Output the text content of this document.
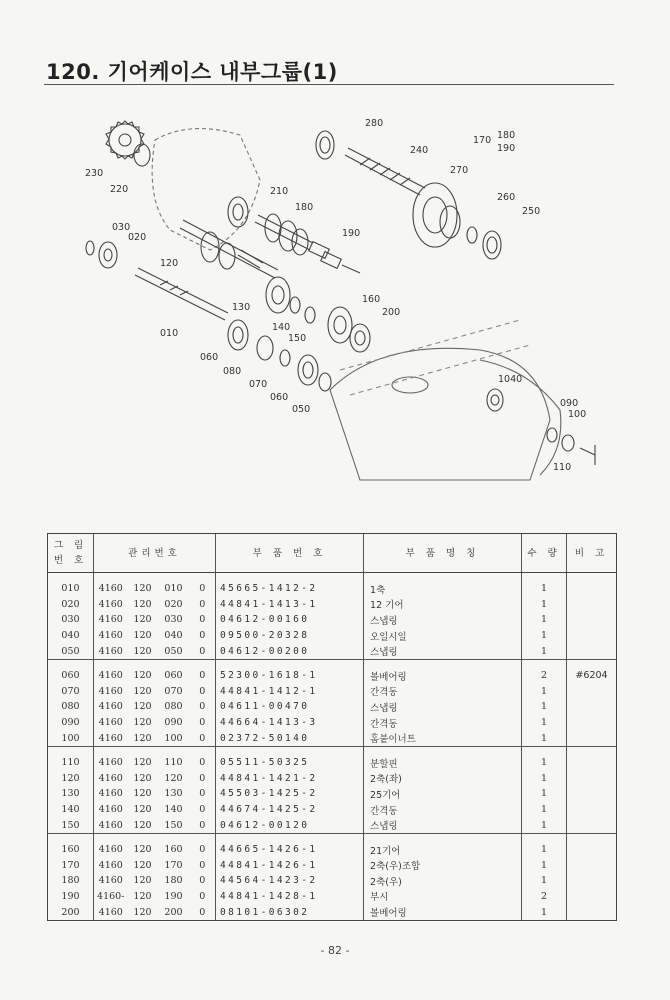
120. 기어케이스 내부그룹(1)
280
240
170 180
190
270
230
220	210
180
190
260
250
030
020
120
160
130
140
150
200
010
060
080
070
060
050
1040
090
100
110
그 림
번 호	관리번호				부 품 번 호	부 품 명 칭	수 량	비 고

010	4160	120	010	0	45665-1412-2	1축	1	
020	4160	120	020	0	44841-1413-1	12 기어	1	
030	4160	120	030	0	04612-00160	스냅링	1	
040	4160	120	040	0	09500-20328	오일시일	1	
050	4160	120	050	0	04612-00200	스냅링	1	

060	4160	120	060	0	52300-1618-1	볼베어링	2	#6204
070	4160	120	070	0	44841-1412-1	간격동	1	
080	4160	120	080	0	04611-00470	스냅링	1	
090	4160	120	090	0	44664-1413-3	간격동	1	
100	4160	120	100	0	02372-50140	홈붙이너트	1	

110	4160	120	110	0	05511-50325	분할핀	1	
120	4160	120	120	0	44841-1421-2	2축(좌)	1	
130	4160	120	130	0	45503-1425-2	25기어	1	
140	4160	120	140	0	44674-1425-2	간격동	1	
150	4160	120	150	0	04612-00120	스냅링	1	

160	4160	120	160	0	44665-1426-1	21기어	1	
170	4160	120	170	0	44841-1426-1	2축(우)조합	1	
180	4160	120	180	0	44564-1423-2	2축(우)	1	
190	4160-	120	190	0	44841-1428-1	부시	2	
200	4160	120	200	0	08101-06302	볼베어링	1	
- 82 -
